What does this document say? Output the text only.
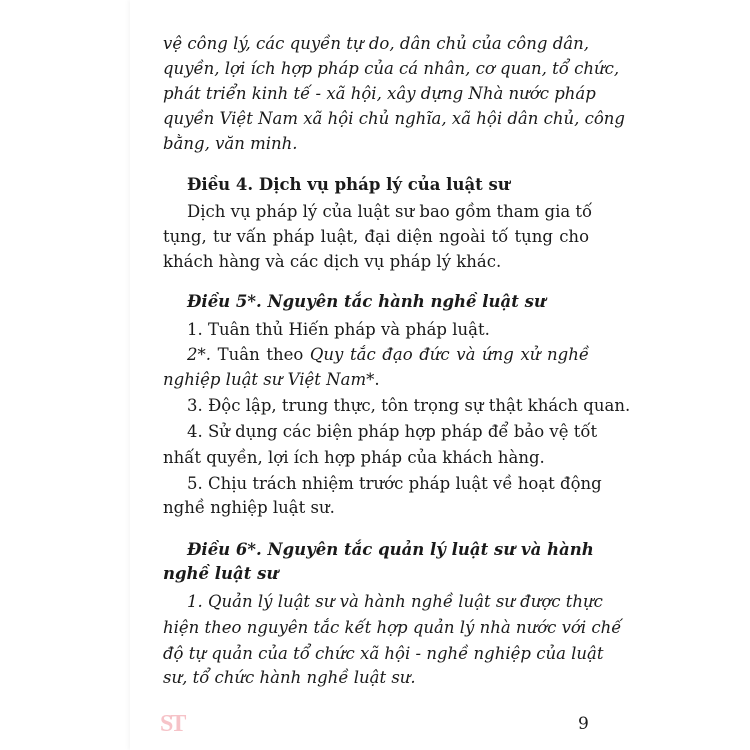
vệ công lý, các quyền tự do, dân chủ của công dân,
quyền, lợi ích hợp pháp của cá nhân, cơ quan, tổ chức,
phát triển kinh tế - xã hội, xây dựng Nhà nước pháp
quyền Việt Nam xã hội chủ nghĩa, xã hội dân chủ, công
bằng, văn minh.
Điều 4. Dịch vụ pháp lý của luật sư
Dịch vụ pháp lý của luật sư bao gồm tham gia tố
tụng, tư vấn pháp luật, đại diện ngoài tố tụng cho
khách hàng và các dịch vụ pháp lý khác.
Điều 5*. Nguyên tắc hành nghề luật sư
1. Tuân thủ Hiến pháp và pháp luật.
2*. Tuân theo Quy tắc đạo đức và ứng xử nghề
nghiệp luật sư Việt Nam*.
3. Độc lập, trung thực, tôn trọng sự thật khách quan.
4. Sử dụng các biện pháp hợp pháp để bảo vệ tốt
nhất quyền, lợi ích hợp pháp của khách hàng.
5. Chịu trách nhiệm trước pháp luật về hoạt động
nghề nghiệp luật sư.
Điều 6*. Nguyên tắc quản lý luật sư và hành
nghề luật sư
1. Quản lý luật sư và hành nghề luật sư được thực
hiện theo nguyên tắc kết hợp quản lý nhà nước với chế
độ tự quản của tổ chức xã hội - nghề nghiệp của luật
sư, tổ chức hành nghề luật sư.
ST	9
